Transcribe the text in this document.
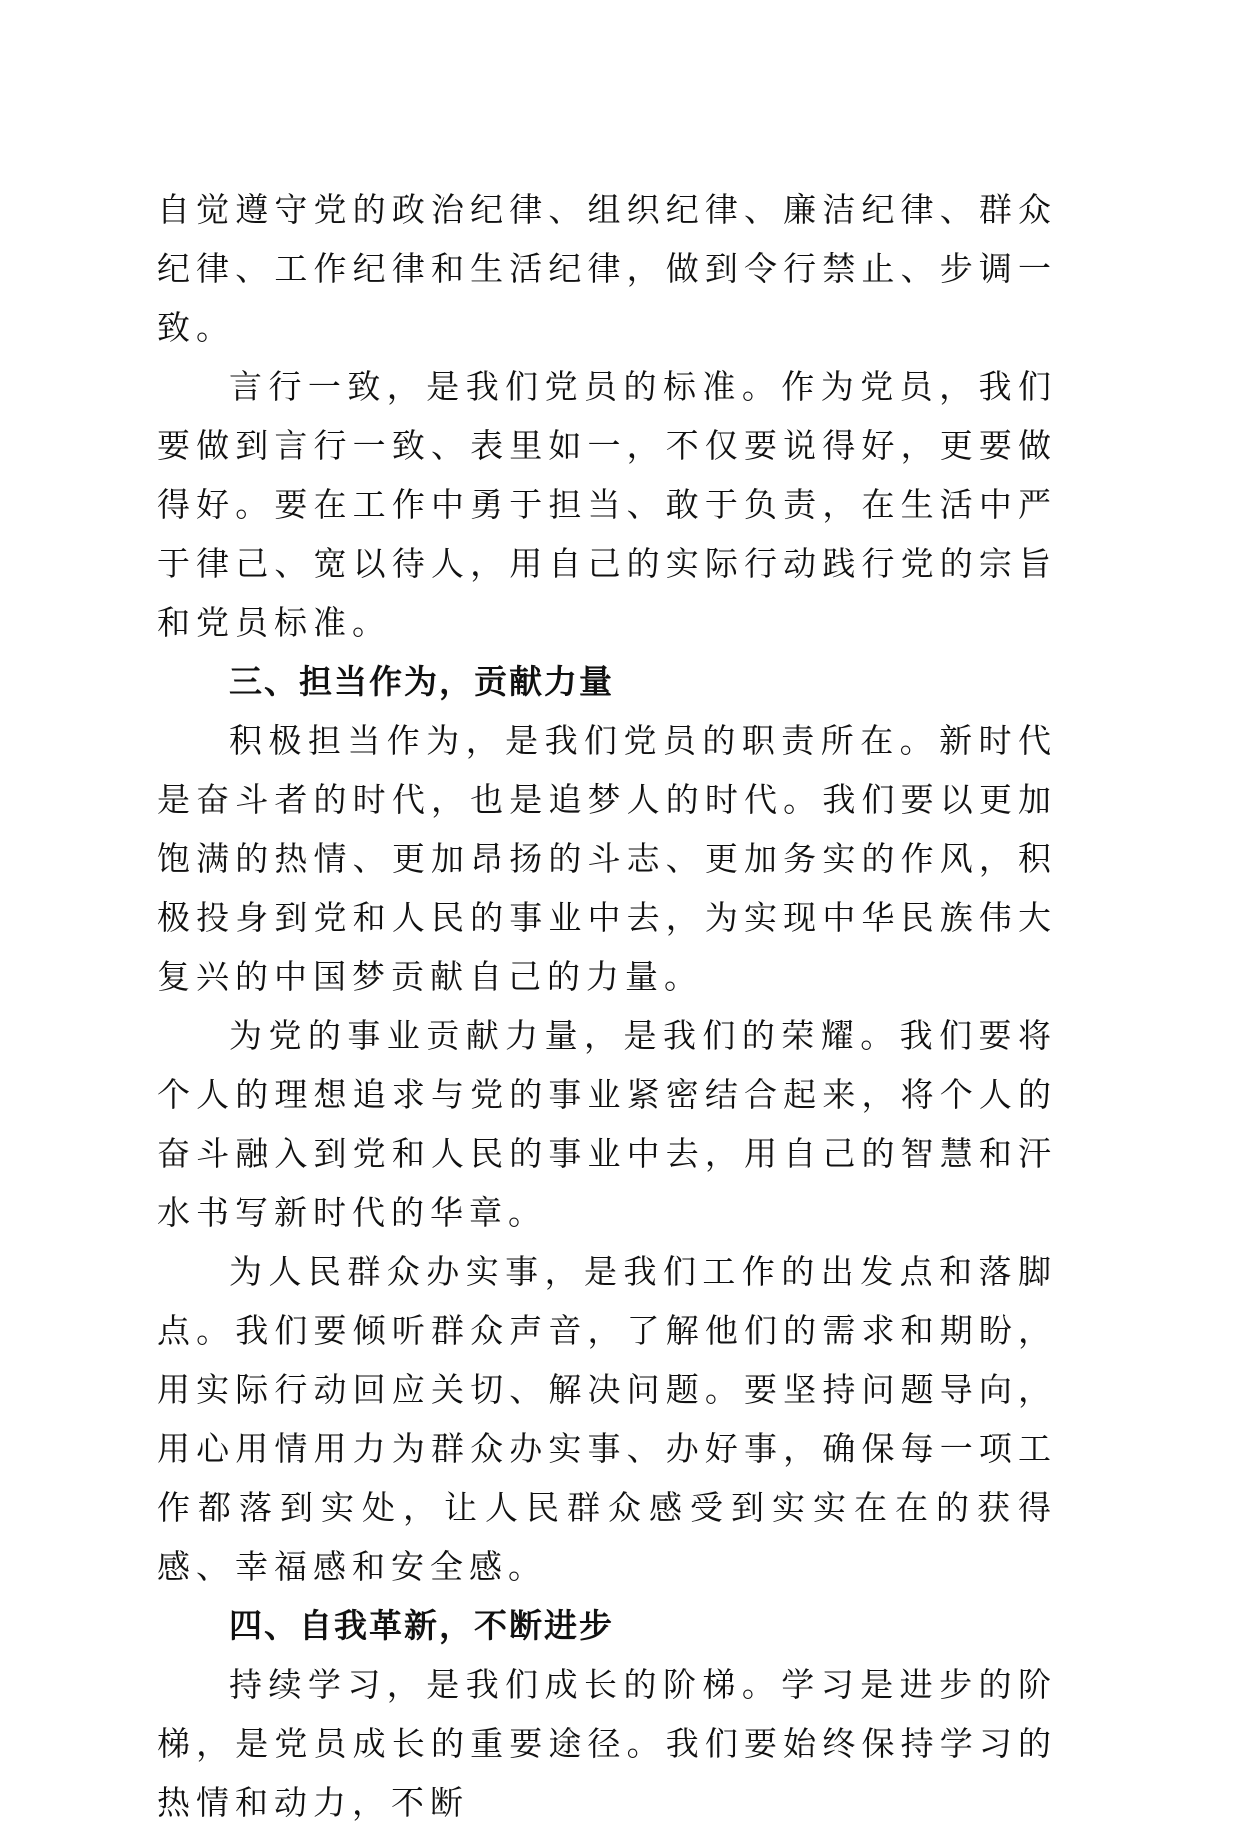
自觉遵守党的政治纪律、组织纪律、廉洁纪律、群众纪律、工作纪律和生活纪律，做到令行禁止、步调一致。

言行一致，是我们党员的标准。作为党员，我们要做到言行一致、表里如一，不仅要说得好，更要做得好。要在工作中勇于担当、敢于负责，在生活中严于律己、宽以待人，用自己的实际行动践行党的宗旨和党员标准。

三、担当作为，贡献力量

积极担当作为，是我们党员的职责所在。新时代是奋斗者的时代，也是追梦人的时代。我们要以更加饱满的热情、更加昂扬的斗志、更加务实的作风，积极投身到党和人民的事业中去，为实现中华民族伟大复兴的中国梦贡献自己的力量。

为党的事业贡献力量，是我们的荣耀。我们要将个人的理想追求与党的事业紧密结合起来，将个人的奋斗融入到党和人民的事业中去，用自己的智慧和汗水书写新时代的华章。

为人民群众办实事，是我们工作的出发点和落脚点。我们要倾听群众声音，了解他们的需求和期盼，用实际行动回应关切、解决问题。要坚持问题导向，用心用情用力为群众办实事、办好事，确保每一项工作都落到实处，让人民群众感受到实实在在的获得感、幸福感和安全感。

四、自我革新，不断进步

持续学习，是我们成长的阶梯。学习是进步的阶梯，是党员成长的重要途径。我们要始终保持学习的热情和动力，不断
